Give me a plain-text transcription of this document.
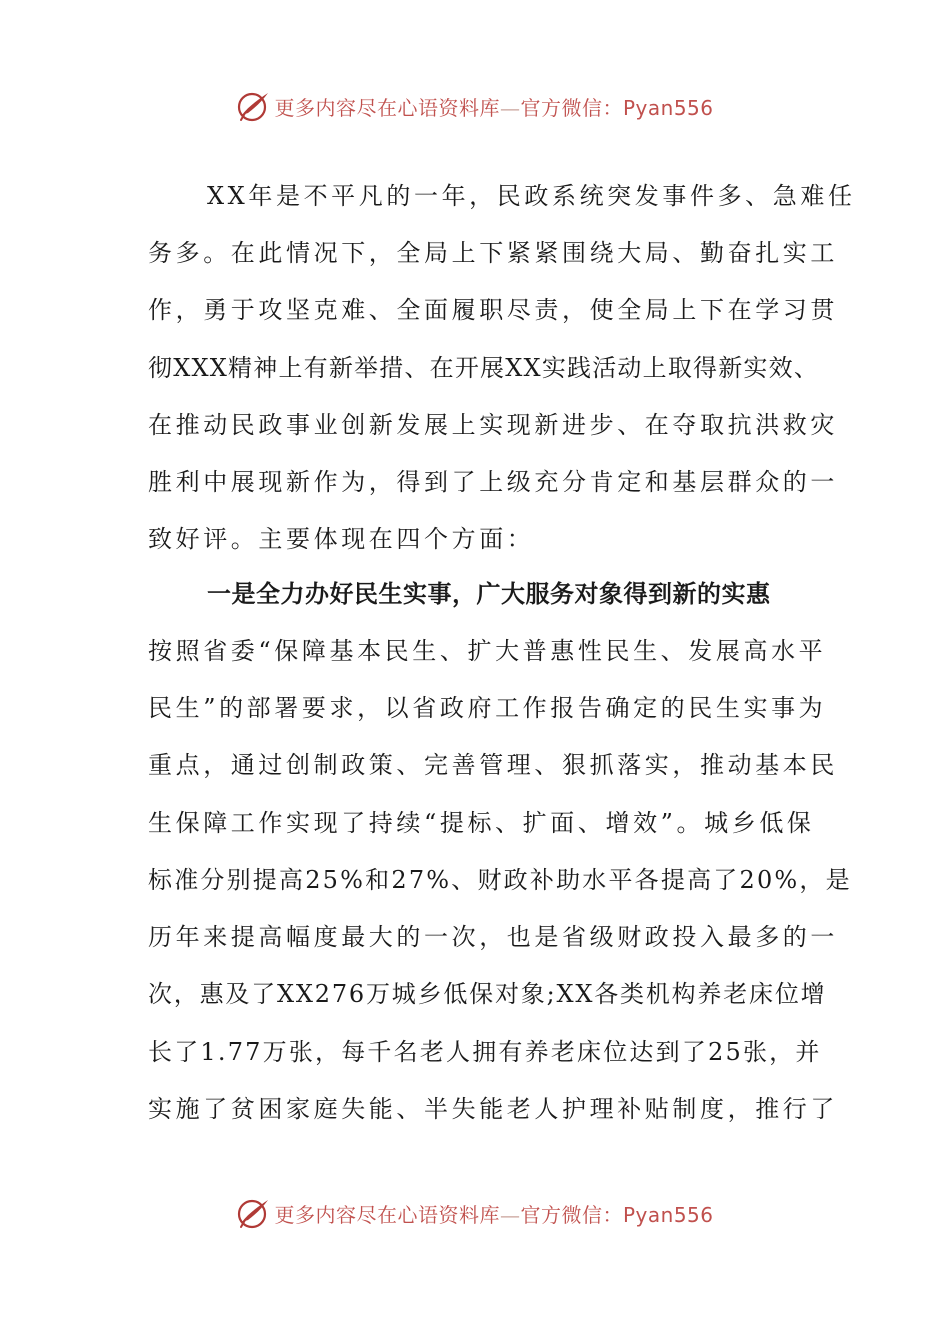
更多内容尽在心语资料库—官方微信：Pyan556
XX年是不平凡的一年，民政系统突发事件多、急难任
务多。在此情况下，全局上下紧紧围绕大局、勤奋扎实工
作，勇于攻坚克难、全面履职尽责，使全局上下在学习贯
彻XXX精神上有新举措、在开展XX实践活动上取得新实效、
在推动民政事业创新发展上实现新进步、在夺取抗洪救灾
胜利中展现新作为，得到了上级充分肯定和基层群众的一
致好评。主要体现在四个方面：
一是全力办好民生实事，广大服务对象得到新的实惠
按照省委“保障基本民生、扩大普惠性民生、发展高水平
民生”的部署要求，以省政府工作报告确定的民生实事为
重点，通过创制政策、完善管理、狠抓落实，推动基本民
生保障工作实现了持续“提标、扩面、增效”。城乡低保
标准分别提高25%和27%、财政补助水平各提高了20%，是
历年来提高幅度最大的一次，也是省级财政投入最多的一
次，惠及了XX276万城乡低保对象;XX各类机构养老床位增
长了1.77万张，每千名老人拥有养老床位达到了25张，并
实施了贫困家庭失能、半失能老人护理补贴制度，推行了
更多内容尽在心语资料库—官方微信：Pyan556
